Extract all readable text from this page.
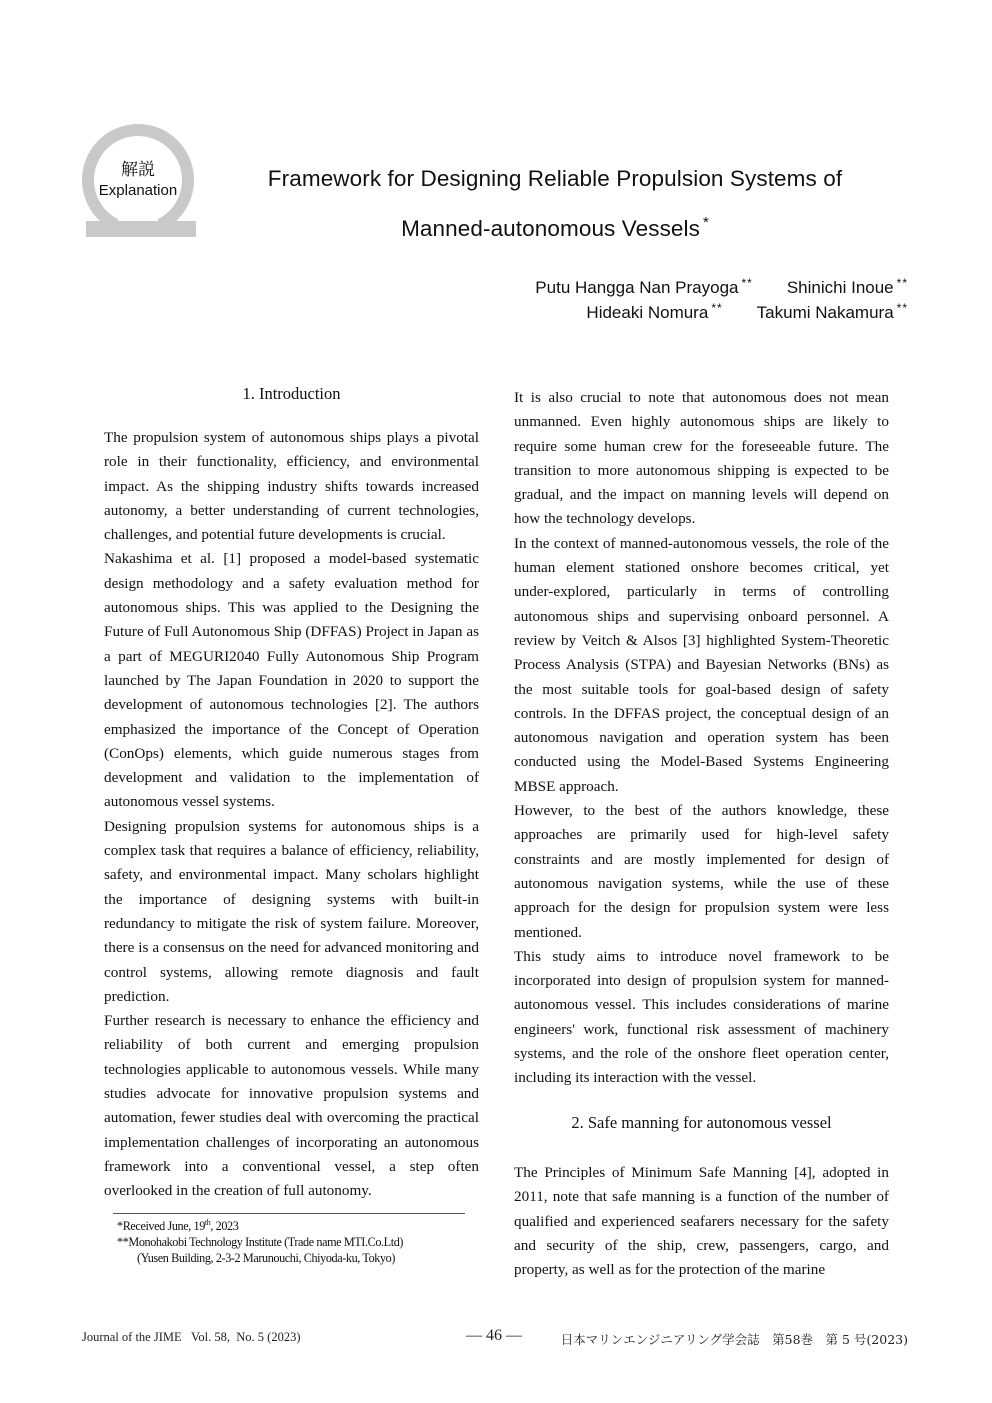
解説
Explanation	Framework for Designing Reliable Propulsion Systems of
Manned-autonomous Vessels *
Putu Hangga Nan Prayoga ** Shinichi Inoue **
Hideaki Nomura ** Takumi Nakamura **
1. Introduction

The propulsion system of autonomous ships plays a pivotal role in their functionality, efficiency, and environmental impact. As the shipping industry shifts towards increased autonomy, a better understanding of current technologies, challenges, and potential future developments is crucial.

Nakashima et al. [1] proposed a model-based systematic design methodology and a safety evaluation method for autonomous ships. This was applied to the Designing the Future of Full Autonomous Ship (DFFAS) Project in Japan as a part of MEGURI2040 Fully Autonomous Ship Program launched by The Japan Foundation in 2020 to support the development of autonomous technologies [2]. The authors emphasized the importance of the Concept of Operation (ConOps) elements, which guide numerous stages from development and validation to the implementation of autonomous vessel systems.

Designing propulsion systems for autonomous ships is a complex task that requires a balance of efficiency, reliability, safety, and environmental impact. Many scholars highlight the importance of designing systems with built-in redundancy to mitigate the risk of system failure. Moreover, there is a consensus on the need for advanced monitoring and control systems, allowing remote diagnosis and fault prediction.

Further research is necessary to enhance the efficiency and reliability of both current and emerging propulsion technologies applicable to autonomous vessels. While many studies advocate for innovative propulsion systems and automation, fewer studies deal with overcoming the practical implementation challenges of incorporating an autonomous framework into a conventional vessel, a step often overlooked in the creation of full autonomy.

It is also crucial to note that autonomous does not mean unmanned. Even highly autonomous ships are likely to require some human crew for the foreseeable future. The transition to more autonomous shipping is expected to be gradual, and the impact on manning levels will depend on how the technology develops.

In the context of manned-autonomous vessels, the role of the human element stationed onshore becomes critical, yet under-explored, particularly in terms of controlling autonomous ships and supervising onboard personnel. A review by Veitch & Alsos [3] highlighted System-Theoretic Process Analysis (STPA) and Bayesian Networks (BNs) as the most suitable tools for goal-based design of safety controls. In the DFFAS project, the conceptual design of an autonomous navigation and operation system has been conducted using the Model-Based Systems Engineering MBSE approach.

However, to the best of the authors knowledge, these approaches are primarily used for high-level safety constraints and are mostly implemented for design of autonomous navigation systems, while the use of these approach for the design for propulsion system were less mentioned.

This study aims to introduce novel framework to be incorporated into design of propulsion system for manned-autonomous vessel. This includes considerations of marine engineers' work, functional risk assessment of machinery systems, and the role of the onshore fleet operation center, including its interaction with the vessel.

2. Safe manning for autonomous vessel

The Principles of Minimum Safe Manning [4], adopted in 2011, note that safe manning is a function of the number of qualified and experienced seafarers necessary for the safety and security of the ship, crew, passengers, cargo, and property, as well as for the protection of the marine

*Received June, 19th, 2023
**Monohakobi Technology Institute (Trade name MTI.Co.Ltd)
(Yusen Building, 2-3-2 Marunouchi, Chiyoda-ku, Tokyo)
Journal of the JIME   Vol. 58,  No. 5 (2023)	— 46 —	日本マリンエンジニアリング学会誌　第58巻　第 5 号(2023)
